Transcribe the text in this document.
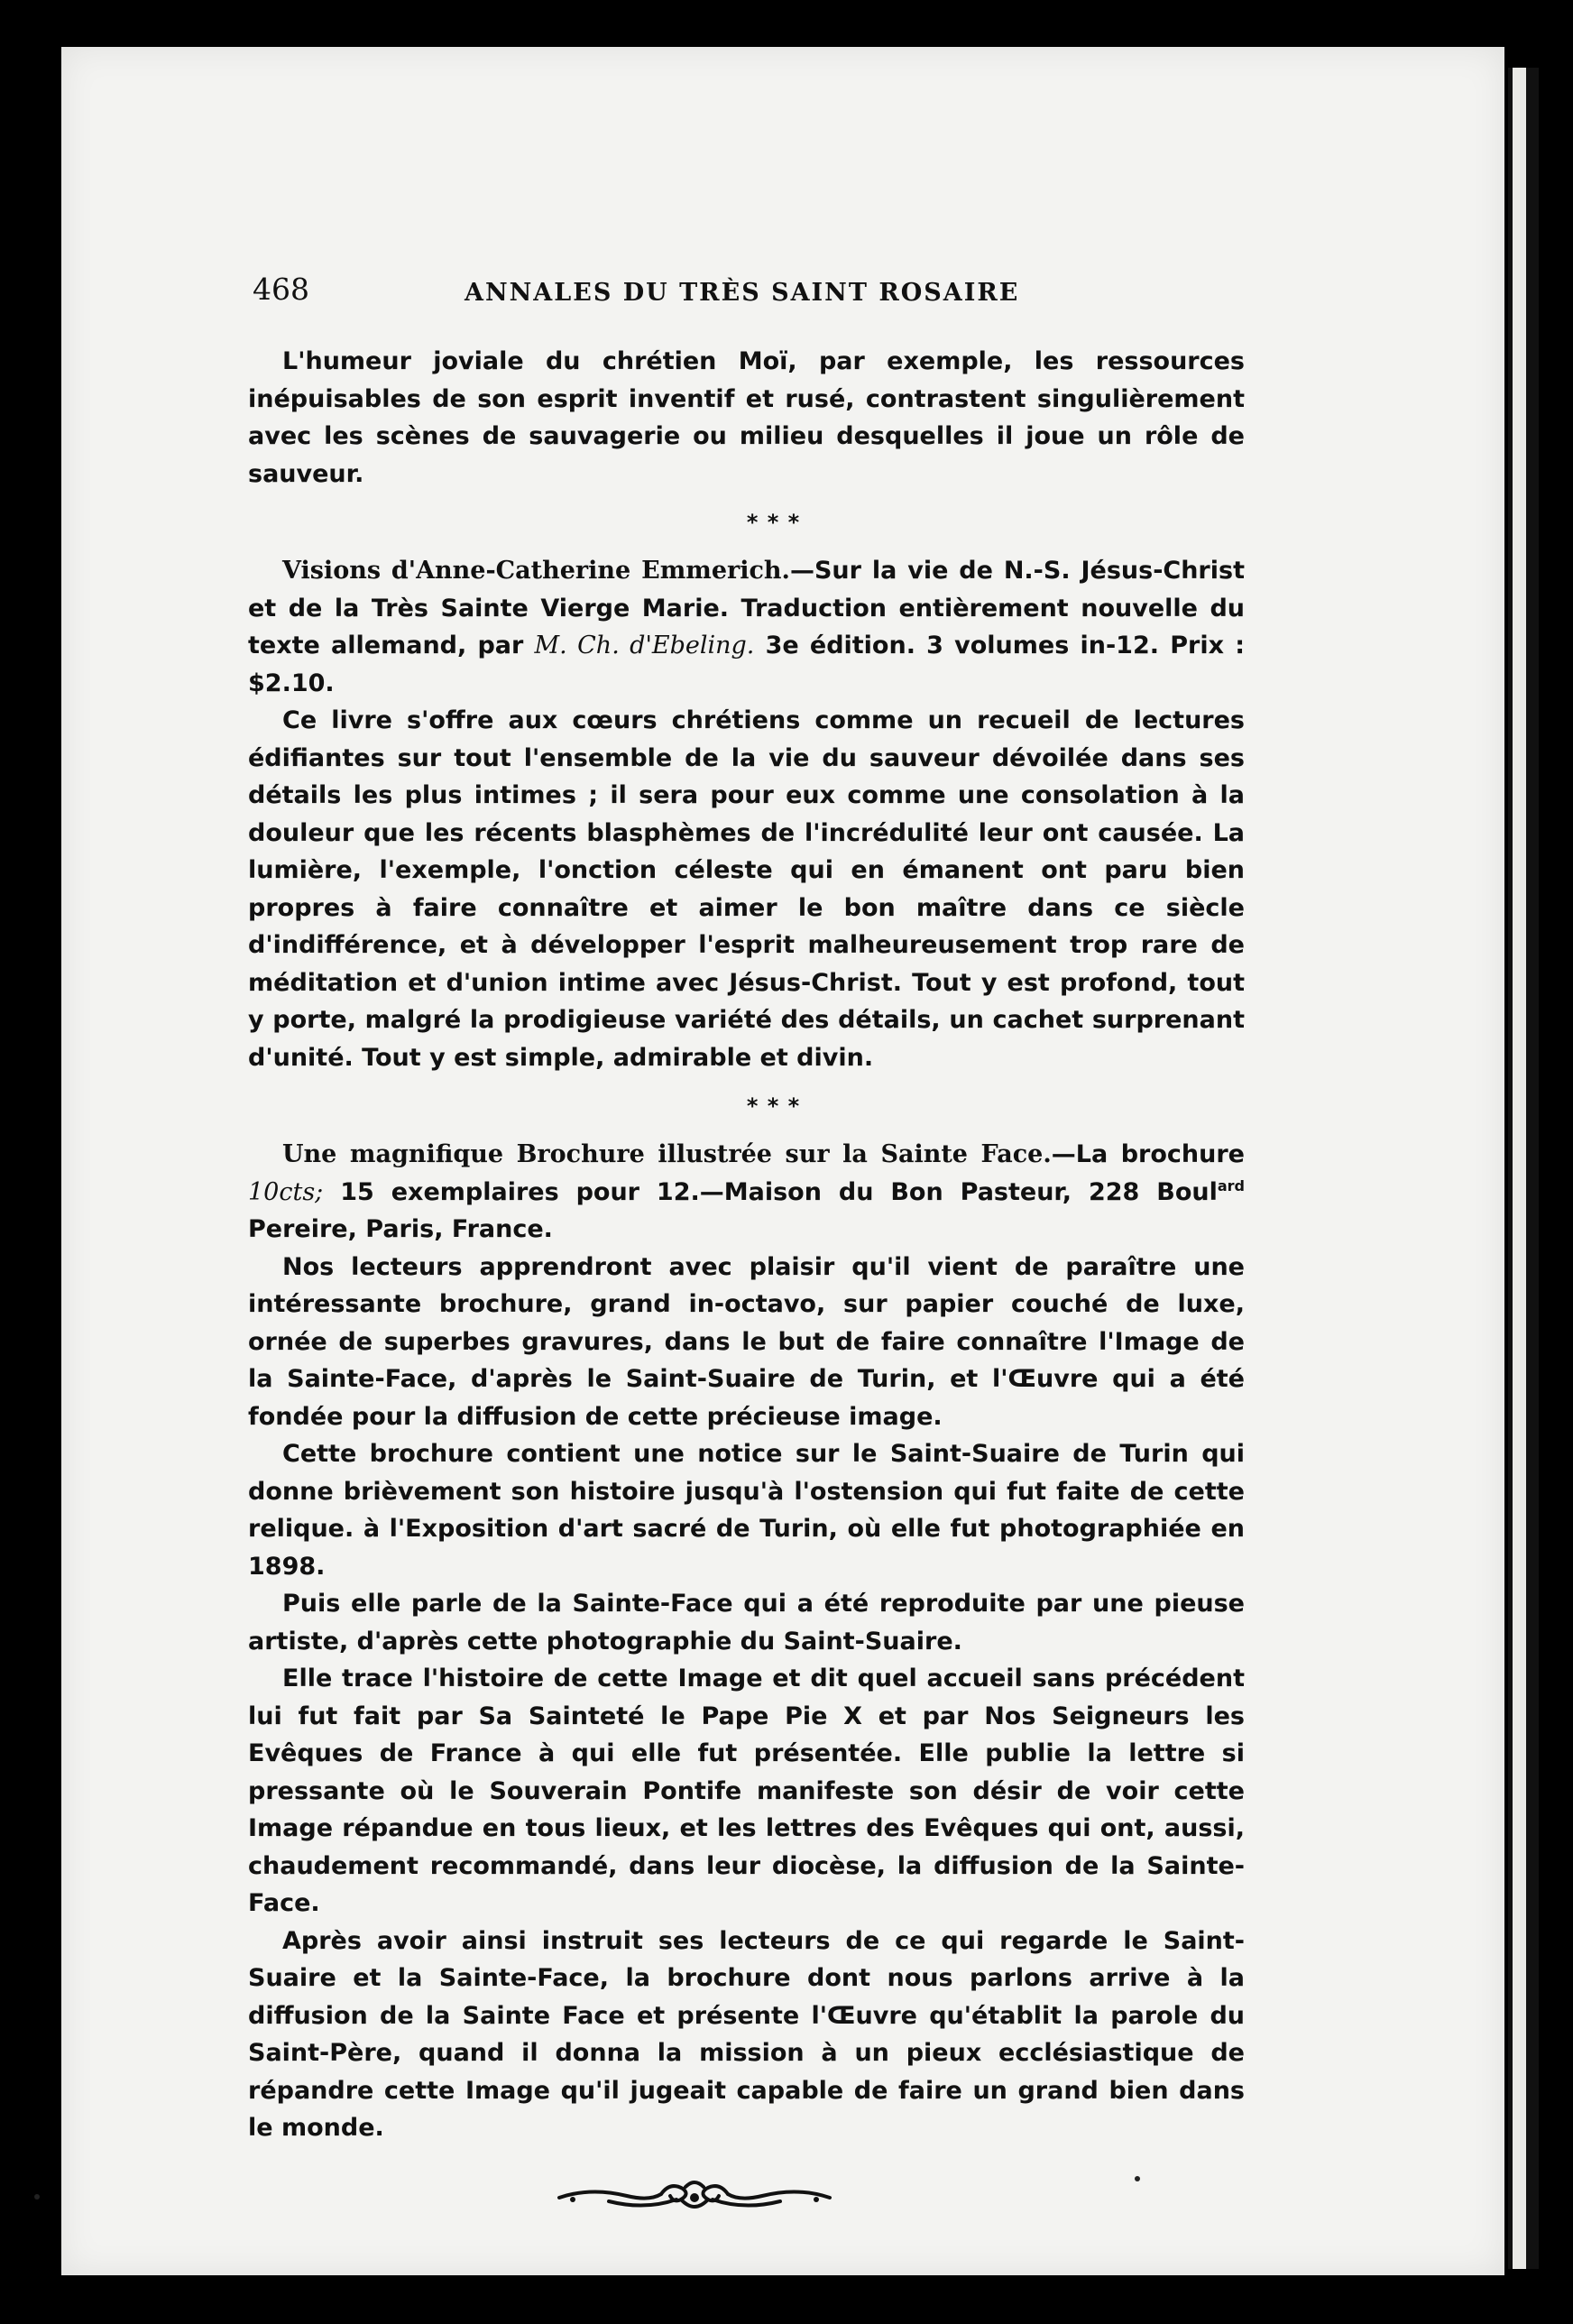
468	ANNALES DU TRÈS SAINT ROSAIRE

L'humeur joviale du chrétien Moï, par exemple, les ressources inépuisables de son esprit inventif et rusé, contrastent singulièrement avec les scènes de sauvagerie ou milieu desquelles il joue un rôle de sauveur.

* * *

Visions d'Anne-Catherine Emmerich.—Sur la vie de N.-S. Jésus-Christ et de la Très Sainte Vierge Marie. Traduction entièrement nouvelle du texte allemand, par M. Ch. d'Ebeling. 3e édition. 3 volumes in-12. Prix : $2.10.

Ce livre s'offre aux cœurs chrétiens comme un recueil de lectures édifiantes sur tout l'ensemble de la vie du sauveur dévoilée dans ses détails les plus intimes ; il sera pour eux comme une consolation à la douleur que les récents blasphèmes de l'incrédulité leur ont causée. La lumière, l'exemple, l'onction céleste qui en émanent ont paru bien propres à faire connaître et aimer le bon maître dans ce siècle d'indifférence, et à développer l'esprit malheureusement trop rare de méditation et d'union intime avec Jésus-Christ. Tout y est profond, tout y porte, malgré la prodigieuse variété des détails, un cachet surprenant d'unité. Tout y est simple, admirable et divin.

* * *

Une magnifique Brochure illustrée sur la Sainte Face.—La brochure 10cts; 15 exemplaires pour 12.—Maison du Bon Pasteur, 228 Boul$^{ard}$ Pereire, Paris, France.

Nos lecteurs apprendront avec plaisir qu'il vient de paraître une intéressante brochure, grand in-octavo, sur papier couché de luxe, ornée de superbes gravures, dans le but de faire connaître l'Image de la Sainte-Face, d'après le Saint-Suaire de Turin, et l'Œuvre qui a été fondée pour la diffusion de cette précieuse image.

Cette brochure contient une notice sur le Saint-Suaire de Turin qui donne brièvement son histoire jusqu'à l'ostension qui fut faite de cette relique. à l'Exposition d'art sacré de Turin, où elle fut photographiée en 1898.

Puis elle parle de la Sainte-Face qui a été reproduite par une pieuse artiste, d'après cette photographie du Saint-Suaire.

Elle trace l'histoire de cette Image et dit quel accueil sans précédent lui fut fait par Sa Sainteté le Pape Pie X et par Nos Seigneurs les Evêques de France à qui elle fut présentée. Elle publie la lettre si pressante où le Souverain Pontife manifeste son désir de voir cette Image répandue en tous lieux, et les lettres des Evêques qui ont, aussi, chaudement recommandé, dans leur diocèse, la diffusion de la Sainte-Face.

Après avoir ainsi instruit ses lecteurs de ce qui regarde le Saint-Suaire et la Sainte-Face, la brochure dont nous parlons arrive à la diffusion de la Sainte Face et présente l'Œuvre qu'établit la parole du Saint-Père, quand il donna la mission à un pieux ecclésiastique de répandre cette Image qu'il jugeait capable de faire un grand bien dans le monde.
